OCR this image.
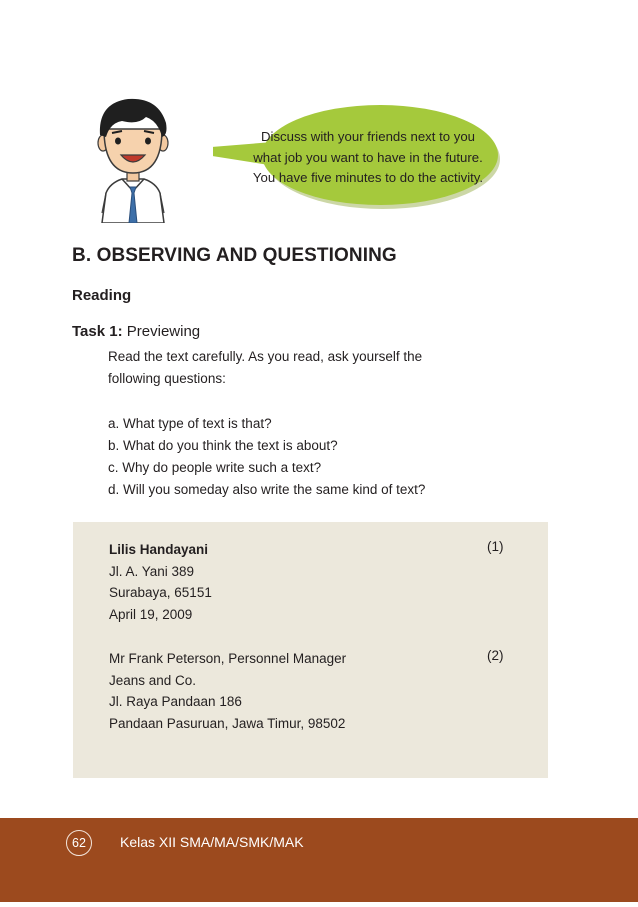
Discuss with your friends next to you
what job you want to have in the future.
You have five minutes to do the activity.
B. OBSERVING AND QUESTIONING
Reading
Task 1: Previewing
Read the text carefully. As you read, ask yourself the
following questions:
a. What type of text is that?
b. What do you think the text is about?
c. Why do people write such a text?
d. Will you someday also write the same kind of text?
Lilis Handayani
Jl. A. Yani 389
Surabaya, 65151
April 19, 2009
(1)
Mr Frank Peterson, Personnel Manager
Jeans and Co.
Jl. Raya Pandaan 186
Pandaan Pasuruan, Jawa Timur, 98502
(2)
62	Kelas XII SMA/MA/SMK/MAK
